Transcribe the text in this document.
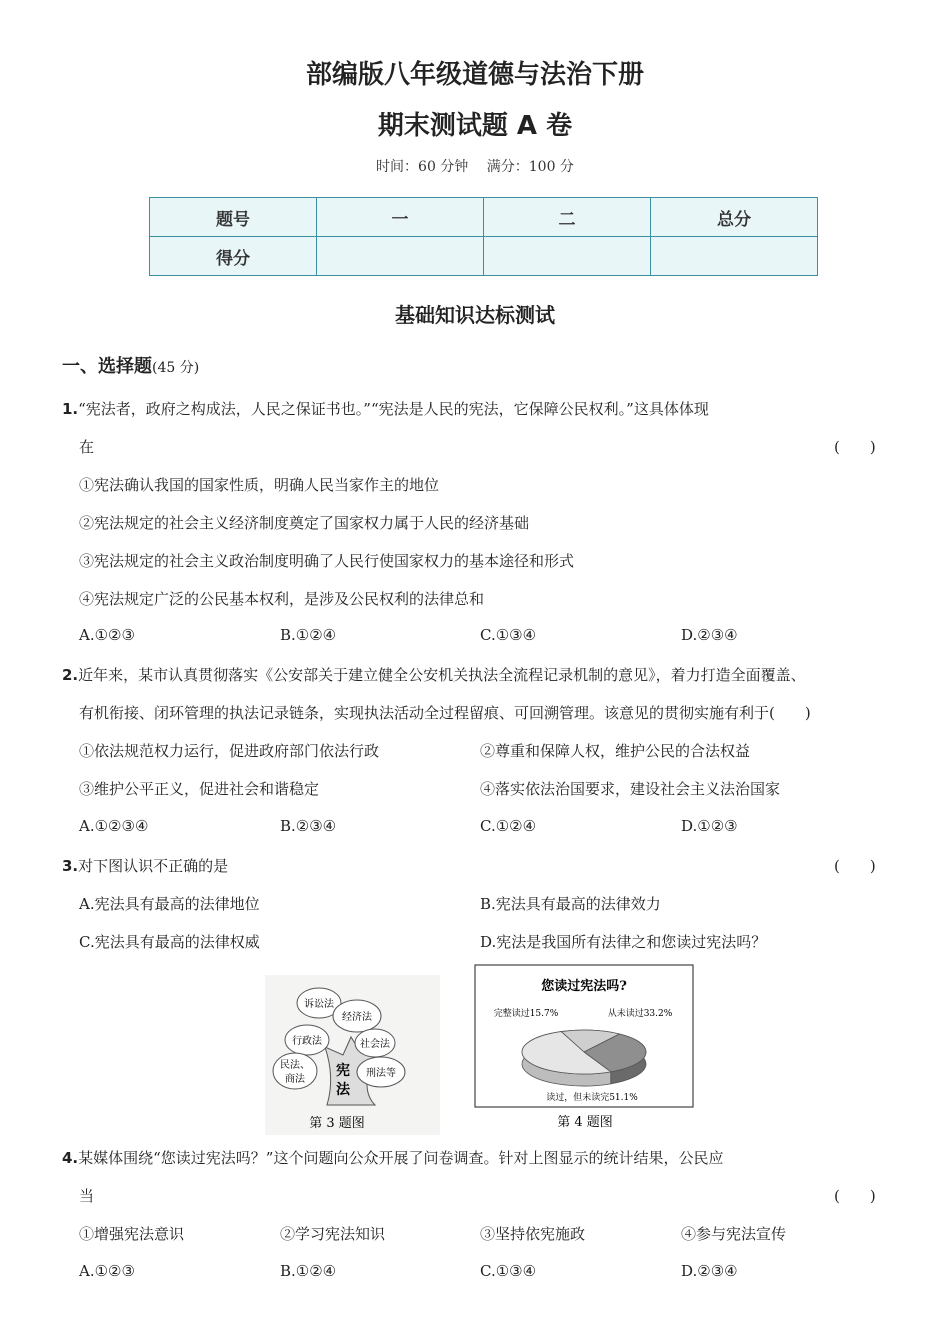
部编版八年级道德与法治下册
期末测试题 A 卷
时间：60 分钟　 满分：100 分
题号	一	二	总分
得分			
基础知识达标测试
一、选择题(45 分)
1.“宪法者，政府之构成法，人民之保证书也。”“宪法是人民的宪法，它保障公民权利。”这具体体现
在	(　　)
①宪法确认我国的国家性质，明确人民当家作主的地位
②宪法规定的社会主义经济制度奠定了国家权力属于人民的经济基础
③宪法规定的社会主义政治制度明确了人民行使国家权力的基本途径和形式
④宪法规定广泛的公民基本权利，是涉及公民权利的法律总和
A.①②③	B.①②④	C.①③④	D.②③④
2.近年来，某市认真贯彻落实《公安部关于建立健全公安机关执法全流程记录机制的意见》，着力打造全面覆盖、
有机衔接、闭环管理的执法记录链条，实现执法活动全过程留痕、可回溯管理。该意见的贯彻实施有利于(　　)
①依法规范权力运行，促进政府部门依法行政	②尊重和保障人权，维护公民的合法权益
③维护公平正义，促进社会和谐稳定	④落实依法治国要求，建设社会主义法治国家
A.①②③④	B.②③④	C.①②④	D.①②③
3.对下图认识不正确的是	(　　)
A.宪法具有最高的法律地位	B.宪法具有最高的法律效力
C.宪法具有最高的法律权威	D.宪法是我国所有法律之和您读过宪法吗？
诉讼法
经济法
行政法	社会法
民法、
商法
刑法等
宪
法
第 3 题图
您读过宪法吗?
完整读过15.7%	从未读过33.2%
读过，但未读完51.1%
第 4 题图
4.某媒体围绕“您读过宪法吗？”这个问题向公众开展了问卷调查。针对上图显示的统计结果，公民应
当	(　　)
①增强宪法意识	②学习宪法知识	③坚持依宪施政	④参与宪法宣传
A.①②③	B.①②④	C.①③④	D.②③④
